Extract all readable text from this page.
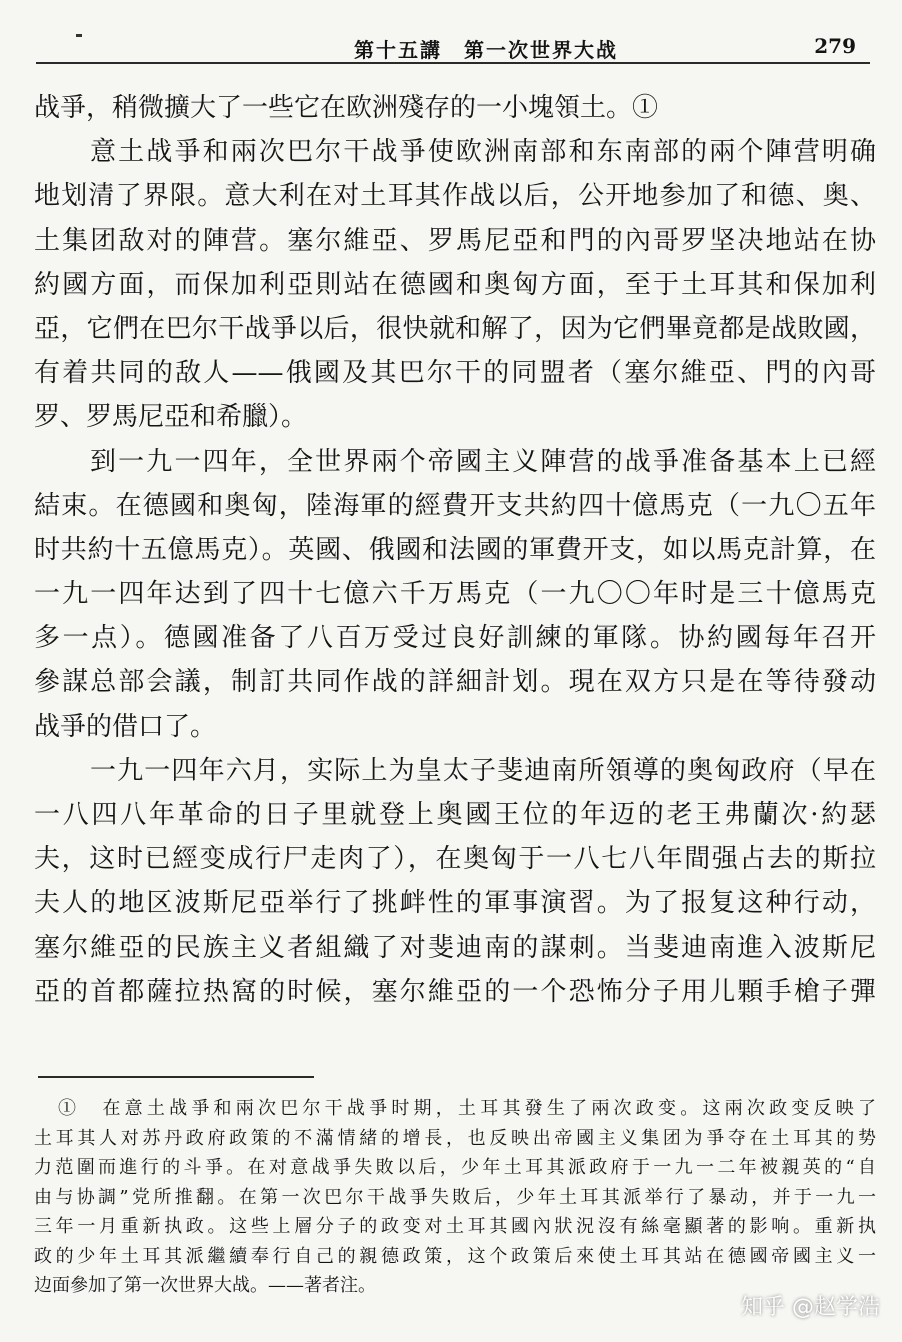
第十五講　第一次世界大战	279
战爭，稍微擴大了一些它在欧洲殘存的一小塊領土。①
意土战爭和兩次巴尔干战爭使欧洲南部和东南部的兩个陣营明确
地划清了界限。意大利在对土耳其作战以后，公开地参加了和德、奥、
土集团敌对的陣营。塞尔維亞、罗馬尼亞和門的內哥罗坚决地站在协
約國方面，而保加利亞則站在德國和奥匈方面，至于土耳其和保加利
亞，它們在巴尔干战爭以后，很快就和解了，因为它們畢竟都是战敗國，
有着共同的敌人——俄國及其巴尔干的同盟者（塞尔維亞、門的內哥
罗、罗馬尼亞和希臘）。
到一九一四年，全世界兩个帝國主义陣营的战爭准备基本上已經
結束。在德國和奥匈，陸海軍的經費开支共約四十億馬克（一九〇五年
时共約十五億馬克）。英國、俄國和法國的軍費开支，如以馬克計算，在
一九一四年达到了四十七億六千万馬克（一九〇〇年时是三十億馬克
多一点）。德國准备了八百万受过良好訓練的軍隊。协約國每年召开
參謀总部会議，制訂共同作战的詳細計划。現在双方只是在等待發动
战爭的借口了。
一九一四年六月，实际上为皇太子斐迪南所領導的奥匈政府（早在
一八四八年革命的日子里就登上奥國王位的年迈的老王弗蘭次·約瑟
夫，这时已經变成行尸走肉了），在奥匈于一八七八年間强占去的斯拉
夫人的地区波斯尼亞举行了挑衅性的軍事演習。为了报复这种行动，
塞尔維亞的民族主义者組織了对斐迪南的謀刺。当斐迪南進入波斯尼
亞的首都薩拉热窩的时候，塞尔維亞的一个恐怖分子用儿顆手槍子彈
①　在意土战爭和兩次巴尔干战爭时期，土耳其發生了兩次政变。这兩次政变反映了
土耳其人对苏丹政府政策的不滿情緒的增長，也反映出帝國主义集团为爭夺在土耳其的势
力范圍而進行的斗爭。在对意战爭失敗以后，少年土耳其派政府于一九一二年被親英的“自
由与协調”党所推翻。在第一次巴尔干战爭失敗后，少年土耳其派举行了暴动，并于一九一
三年一月重新执政。这些上層分子的政变对土耳其國內狀況沒有絲毫顯著的影响。重新执
政的少年土耳其派繼續奉行自己的親德政策，这个政策后來使土耳其站在德國帝國主义一
边面參加了第一次世界大战。——著者注。
知乎 @赵学浩
